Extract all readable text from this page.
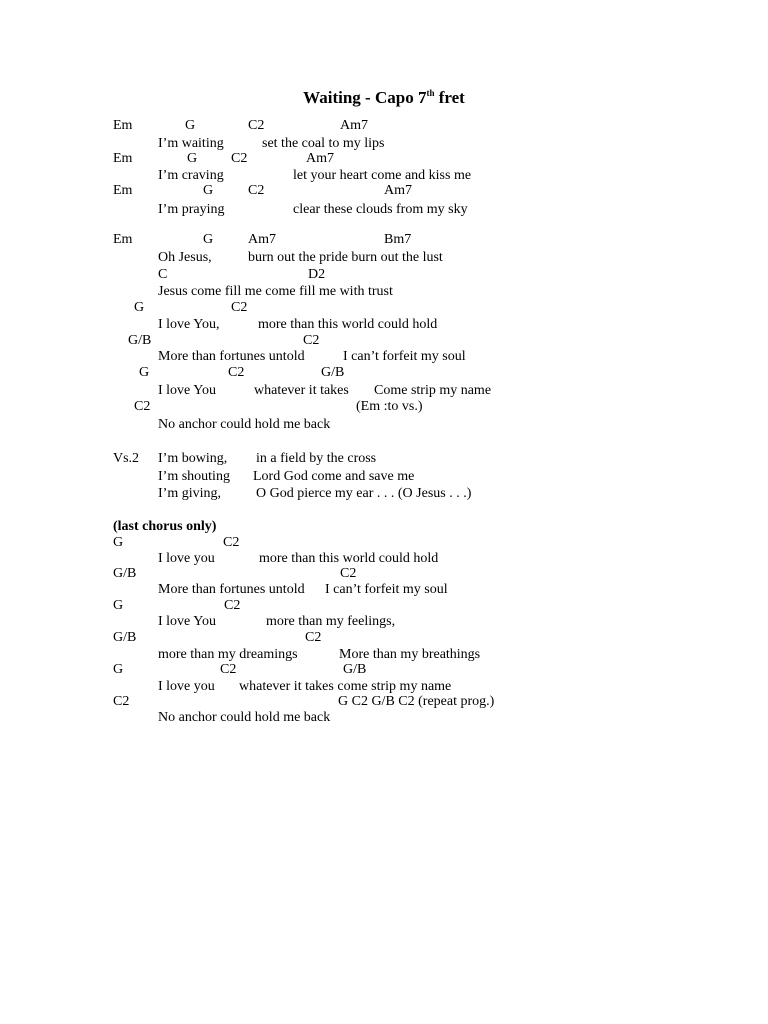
Waiting - Capo 7th fret
Em	G	C2	Am7
I’m waiting	set the coal to my lips
Em	G C2	Am7
I’m craving	let your heart come and kiss me
Em	G C2	Am7
I’m praying	clear these clouds from my sky
Em	G Am7	Bm7
Oh Jesus,	burn out the pride burn out the lust
C	D2
Jesus come fill me come fill me with trust
G	C2
I love You,	more than this world could hold
G/B	C2
More than fortunes untold	I can’t forfeit my soul
G	C2	G/B
I love You	whatever it takes Come strip my name
C2	(Em :to vs.)
No anchor could hold me back
Vs.2 I’m bowing, in a field by the cross
I’m shouting Lord God come and save me
I’m giving,	O God pierce my ear . . . (O Jesus . . .)
(last chorus only)
G	C2
I love you	more than this world could hold
G/B	C2
More than fortunes untold I can’t forfeit my soul
G	C2
I love You	more than my feelings,
G/B	C2
more than my dreamings	More than my breathings
G	C2	G/B
I love you whatever it takes come strip my name
C2	G C2 G/B C2 (repeat prog.)
No anchor could hold me back
